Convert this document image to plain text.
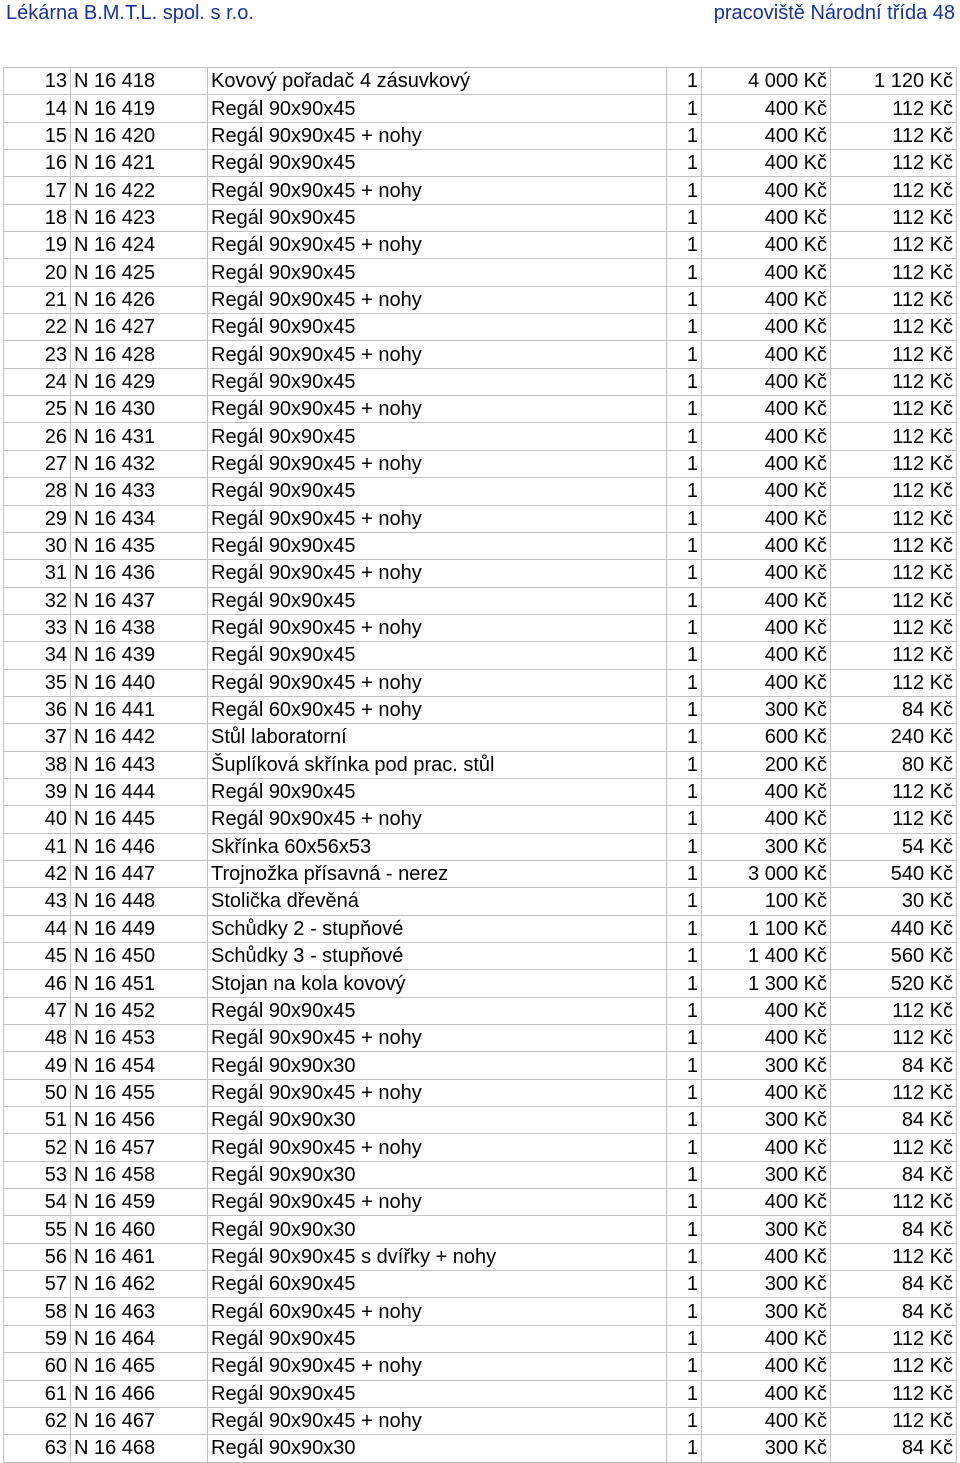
Lékárna B.M.T.L. spol. s r.o.	pracoviště Národní třída 48
13	N 16 418	Kovový pořadač 4 zásuvkový	1	4 000 Kč	1 120 Kč
14	N 16 419	Regál 90x90x45	1	400 Kč	112 Kč
15	N 16 420	Regál 90x90x45 + nohy	1	400 Kč	112 Kč
16	N 16 421	Regál 90x90x45	1	400 Kč	112 Kč
17	N 16 422	Regál 90x90x45 + nohy	1	400 Kč	112 Kč
18	N 16 423	Regál 90x90x45	1	400 Kč	112 Kč
19	N 16 424	Regál 90x90x45 + nohy	1	400 Kč	112 Kč
20	N 16 425	Regál 90x90x45	1	400 Kč	112 Kč
21	N 16 426	Regál 90x90x45 + nohy	1	400 Kč	112 Kč
22	N 16 427	Regál 90x90x45	1	400 Kč	112 Kč
23	N 16 428	Regál 90x90x45 + nohy	1	400 Kč	112 Kč
24	N 16 429	Regál 90x90x45	1	400 Kč	112 Kč
25	N 16 430	Regál 90x90x45 + nohy	1	400 Kč	112 Kč
26	N 16 431	Regál 90x90x45	1	400 Kč	112 Kč
27	N 16 432	Regál 90x90x45 + nohy	1	400 Kč	112 Kč
28	N 16 433	Regál 90x90x45	1	400 Kč	112 Kč
29	N 16 434	Regál 90x90x45 + nohy	1	400 Kč	112 Kč
30	N 16 435	Regál 90x90x45	1	400 Kč	112 Kč
31	N 16 436	Regál 90x90x45 + nohy	1	400 Kč	112 Kč
32	N 16 437	Regál 90x90x45	1	400 Kč	112 Kč
33	N 16 438	Regál 90x90x45 + nohy	1	400 Kč	112 Kč
34	N 16 439	Regál 90x90x45	1	400 Kč	112 Kč
35	N 16 440	Regál 90x90x45 + nohy	1	400 Kč	112 Kč
36	N 16 441	Regál 60x90x45 + nohy	1	300 Kč	84 Kč
37	N 16 442	Stůl laboratorní	1	600 Kč	240 Kč
38	N 16 443	Šuplíková skřínka pod prac. stůl	1	200 Kč	80 Kč
39	N 16 444	Regál 90x90x45	1	400 Kč	112 Kč
40	N 16 445	Regál 90x90x45 + nohy	1	400 Kč	112 Kč
41	N 16 446	Skřínka 60x56x53	1	300 Kč	54 Kč
42	N 16 447	Trojnožka přísavná - nerez	1	3 000 Kč	540 Kč
43	N 16 448	Stolička dřevěná	1	100 Kč	30 Kč
44	N 16 449	Schůdky 2 - stupňové	1	1 100 Kč	440 Kč
45	N 16 450	Schůdky 3 - stupňové	1	1 400 Kč	560 Kč
46	N 16 451	Stojan na kola kovový	1	1 300 Kč	520 Kč
47	N 16 452	Regál 90x90x45	1	400 Kč	112 Kč
48	N 16 453	Regál 90x90x45 + nohy	1	400 Kč	112 Kč
49	N 16 454	Regál 90x90x30	1	300 Kč	84 Kč
50	N 16 455	Regál 90x90x45 + nohy	1	400 Kč	112 Kč
51	N 16 456	Regál 90x90x30	1	300 Kč	84 Kč
52	N 16 457	Regál 90x90x45 + nohy	1	400 Kč	112 Kč
53	N 16 458	Regál 90x90x30	1	300 Kč	84 Kč
54	N 16 459	Regál 90x90x45 + nohy	1	400 Kč	112 Kč
55	N 16 460	Regál 90x90x30	1	300 Kč	84 Kč
56	N 16 461	Regál 90x90x45 s dvířky + nohy	1	400 Kč	112 Kč
57	N 16 462	Regál 60x90x45	1	300 Kč	84 Kč
58	N 16 463	Regál 60x90x45 + nohy	1	300 Kč	84 Kč
59	N 16 464	Regál 90x90x45	1	400 Kč	112 Kč
60	N 16 465	Regál 90x90x45 + nohy	1	400 Kč	112 Kč
61	N 16 466	Regál 90x90x45	1	400 Kč	112 Kč
62	N 16 467	Regál 90x90x45 + nohy	1	400 Kč	112 Kč
63	N 16 468	Regál 90x90x30	1	300 Kč	84 Kč
